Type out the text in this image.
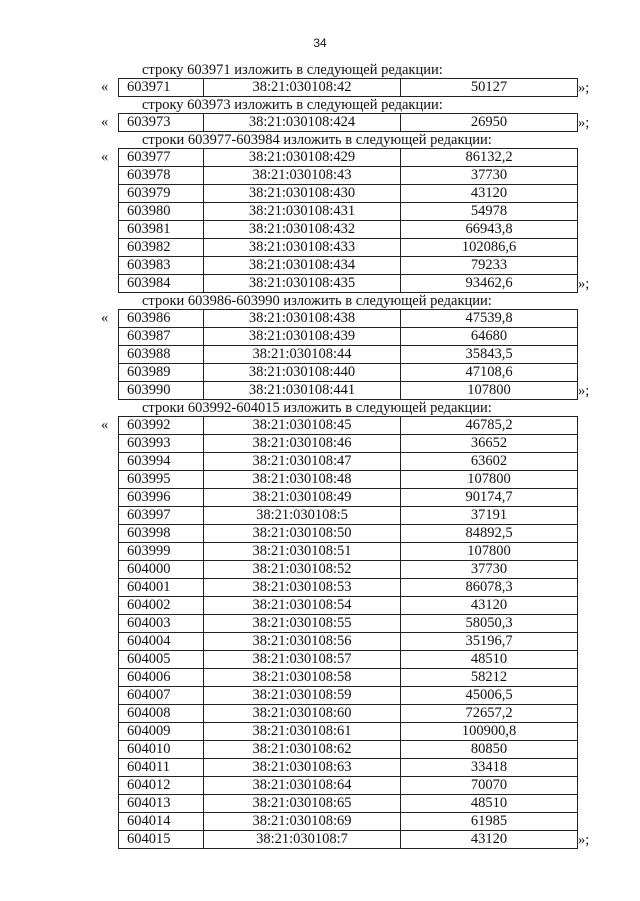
34
строку 603971 изложить в следующей редакции:
« 603971	38:21:030108:42	50127	»;
строку 603973 изложить в следующей редакции:
« 603973	38:21:030108:424	26950	»;
строки 603977-603984 изложить в следующей редакции:
« 603977	38:21:030108:429	86132,2
603978	38:21:030108:43	37730
603979	38:21:030108:430	43120
603980	38:21:030108:431	54978
603981	38:21:030108:432	66943,8
603982	38:21:030108:433	102086,6
603983	38:21:030108:434	79233
603984	38:21:030108:435	93462,6	»;
строки 603986-603990 изложить в следующей редакции:
« 603986	38:21:030108:438	47539,8
603987	38:21:030108:439	64680
603988	38:21:030108:44	35843,5
603989	38:21:030108:440	47108,6
603990	38:21:030108:441	107800	»;
строки 603992-604015 изложить в следующей редакции:
« 603992	38:21:030108:45	46785,2
603993	38:21:030108:46	36652
603994	38:21:030108:47	63602
603995	38:21:030108:48	107800
603996	38:21:030108:49	90174,7
603997	38:21:030108:5	37191
603998	38:21:030108:50	84892,5
603999	38:21:030108:51	107800
604000	38:21:030108:52	37730
604001	38:21:030108:53	86078,3
604002	38:21:030108:54	43120
604003	38:21:030108:55	58050,3
604004	38:21:030108:56	35196,7
604005	38:21:030108:57	48510
604006	38:21:030108:58	58212
604007	38:21:030108:59	45006,5
604008	38:21:030108:60	72657,2
604009	38:21:030108:61	100900,8
604010	38:21:030108:62	80850
604011	38:21:030108:63	33418
604012	38:21:030108:64	70070
604013	38:21:030108:65	48510
604014	38:21:030108:69	61985
604015	38:21:030108:7	43120	»;
